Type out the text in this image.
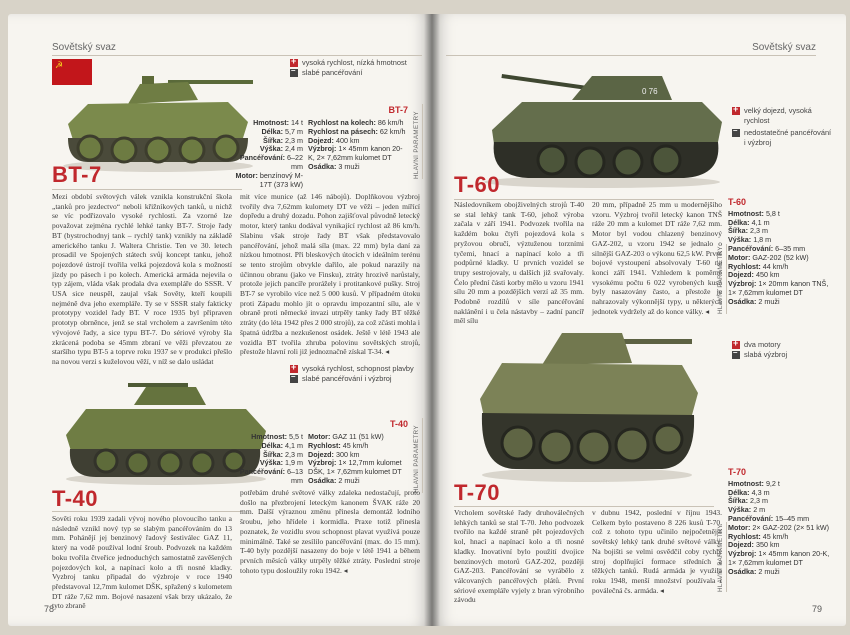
Sovětský svaz
☭
+	vysoká rychlost, nízká hmotnost
–
slabé pancéřování
BT-7
Hmotnost: 14 t
Délka: 5,7 m
Šířka: 2,3 m
Výška: 2,4 m
Pancéřování: 6–22 mm
Motor: benzínový M-17T (373 kW)
Rychlost na kolech: 86 km/h
Rychlost na pásech: 62 km/h
Dojezd: 400 km
Výzbroj: 1× 45mm kanon 20-K, 2× 7,62mm kulomet DT
Osádka: 3 muži	HLAVNÍ PARAMETRY
BT-7

Mezi období světových válek vznikla konstrukční škola „tanků pro jezdectvo“ neboli křižníkových tanků, u nichž se víc podřizovalo vysoké rychlosti. Za vzorné lze považovat zejména rychlé lehké tanky BT-7. Stroje řady BT (bystrochodnyj tank – rychlý tank) vznikly na základě amerického tanku J. Waltera Christie. Ten ve 30. letech prosadil ve Spojených státech svůj koncept tanku, jehož pojezdové ústrojí tvořila velká pojezdová kola s možností jízdy po pásech i po kolech. Americká armáda nejevila o typ zájem, vláda však prodala dva exempláře do SSSR. V USA sice neuspěl, zaujal však Sověty, kteří koupili nejméně dva jeho exempláře. Ty se v SSSR staly fakticky prototypy vozidel řady BT. V roce 1935 byl připraven prototyp obrněnce, jenž se stal vrcholem a završením této vývojové řady, a sice typu BT-7. Do sériové výroby šla zkrácená podoba se 45mm zbraní ve věži převzatou ze staršího typu BT-5 a toprve roku 1937 se v produkci přešlo na novou verzi s kuželovou věží, v níž se dalo usládat

mit více munice (až 146 nábojů). Doplňkovou výzbroj tvořily dva 7,62mm kulomety DT ve věži – jeden mířící dopředu a druhý dozadu. Pohon zajišťoval původně letecký motor, který tanku dodával vynikající rychlost až 86 km/h. Slabinu však stroje řady BT však představovalo pancéřování, jehož malá síla (max. 22 mm) byla daní za nízkou hmotnost. Při bleskových útocích v ideálním terénu se tento strojům obvykle dařilo, ale pokud narazily na účinnou obranu (jako ve Finsku), ztráty hrozivě narůstaly, protože jejich pancíře prorážely i protitankové pušky. Stroj BT-7 se vyrobilo více než 5 000 kusů. V případném útoku proti Západu mohlo jít o opravdu impozantní sílu, ale v obraně proti německé invazi utrpěly tanky řady BT těžké ztráty (do léta 1942 přes 2 000 strojů), za což zčásti mohla i špatná údržba a nezkušenost osádek. Ještě v létě 1943 ale vozidla BT tvořila zhruba polovinu sovětských strojů, přestože hlavní roli již jednoznačně získal T-34. ◂

+
vysoká rychlost, schopnost plavby
–
slabé pancéřování i výzbroj
T-40
Hmotnost: 5,5 t
Délka: 4,1 m
Šířka: 2,3 m
Výška: 1,9 m
Pancéřování: 6–13 mm
Motor: GAZ 11 (51 kW)
Rychlost: 45 km/h
Dojezd: 300 km
Výzbroj: 1× 12,7mm kulomet DŠK, 1× 7,62mm kulomet DT
Osádka: 2 muži	HLAVNÍ PARAMETRY
T-40

Sověti roku 1939 zadali vývoj nového plovoucího tanku a následně vznikl nový typ se slabým pancéřováním do 13 mm. Pohánějí jej benzinový řadový šestiválec GAZ 11, který na vodě používal lodní šroub. Podvozek na každém boku tvořila čtveřice jednoduchých samostatně zavěšených pojezdových kol, a napínací kolo a tři nosné kladky. Vyzbroj tanku připadal do výzbroje v roce 1940 představoval 12,7mm kulomet DŠK, spřažený s kulometem DT ráže 7,62 mm. Bojové nasazení však brzy ukázalo, že tyto zbraně

potřebám druhé světové války zdaleka nedostačují, proto došlo na přezbrojení leteckým kanonem ŠVAK ráže 20 mm. Další výraznou změnu přinesla demontáž lodního šroubu, jeho hřídele i kormidla. Praxe totiž přinesla poznatek, že vozidlu svou schopnost plavat využívá pouze minimálně. Také se zesílilo pancéřování (max. do 15 mm). T-40 byly pozdější nasazeny do boje v létě 1941 a během prvních měsíců války utrpěly těžké ztráty. Poslední stroje tohoto typu dosloužily roku 1942. ◂

78
Sovětský svaz
0 76
+
velký dojezd, vysoká rychlost
–
nedostatečné pancéřování i výzbroj
T-60

Následovníkem obojživelných strojů T-40 se stal lehký tank T-60, jehož výroba začala v září 1941. Podvozek tvořila na každém boku čtyři pojezdová kola s pryžovou obručí, výztuženou torzními tyčemi, hnací a napínací kolo a tři podpůrné kladky. U prvních vozidel se trupy sestrojovaly, u dalších již svařovaly. Čelo přední části korby mělo u vzoru 1941 sílu 20 mm a pozdějších verzí až 35 mm. Podobně rozdílů v síle pancéřování naklánění i u čela nástavby – zadní pancíř měl sílu

20 mm, případně 25 mm u modernějšího vzoru. Výzbroj tvořil letecký kanon TNŠ ráže 20 mm a kulomet DT ráže 7,62 mm. Motor byl vodou chlazený benzinový GAZ-202, u vzoru 1942 se jednalo o silnější GAZ-203 o výkonu 62,5 kW. První bojové vystoupení absolvovaly T-60 na konci září 1941. Vzhledem k poměrně vysokému počtu 6 022 vyrobených kusů byly nasazovány často, a přestože je nahrazovaly výkonnější typy, u některých jednotek vydržely až do konce války. ◂

T-60
Hmotnost: 5,8 t
Délka: 4,1 m
Šířka: 2,3 m
Výška: 1,8 m
Pancéřování: 6–35 mm
Motor: GAZ-202 (52 kW)
Rychlost: 44 km/h
Dojezd: 450 km
Výzbroj: 1× 20mm kanon TNŠ, 1× 7,62mm kulomet DT
Osádka: 2 muži
HLAVNÍ PARAMETRY
+
dva motory
–
slabá výzbroj
T-70

Vrcholem sovětské řady druhoválečných lehkých tanků se stal T-70. Jeho podvozek tvořilo na každé straně pět pojezdových kol, hnací a napínací kolo a tři nosné kladky. Inovativní bylo použití dvojice benzinových motorů GAZ-202, později GAZ-203. Pancéřování se vyrábělo z válcovaných pancéřových plátů. První sériové exempláře vyjely z bran výrobního závodu

v dubnu 1942, poslední v říjnu 1943. Celkem bylo postaveno 8 226 kusů T-70, což z tohoto typu učinilo nejpočetnější sovětský lehký tank druhé světové války. Na bojišti se velmi osvědčil coby rychlý stroj doplňující formace středních a těžkých tanků. Rudá armáda je využila roku 1948, menší množství používala i poválečná čs. armáda. ◂

T-70
Hmotnost: 9,2 t
Délka: 4,3 m
Šířka: 2,3 m
Výška: 2 m
Pancéřování: 15–45 mm
Motor: 2× GAZ-202 (2× 51 kW)
Rychlost: 45 km/h
Dojezd: 350 km
Výzbroj: 1× 45mm kanon 20-K, 1× 7,62mm kulomet DT
Osádka: 2 muži
HLAVNÍ PARAMETRY
79
